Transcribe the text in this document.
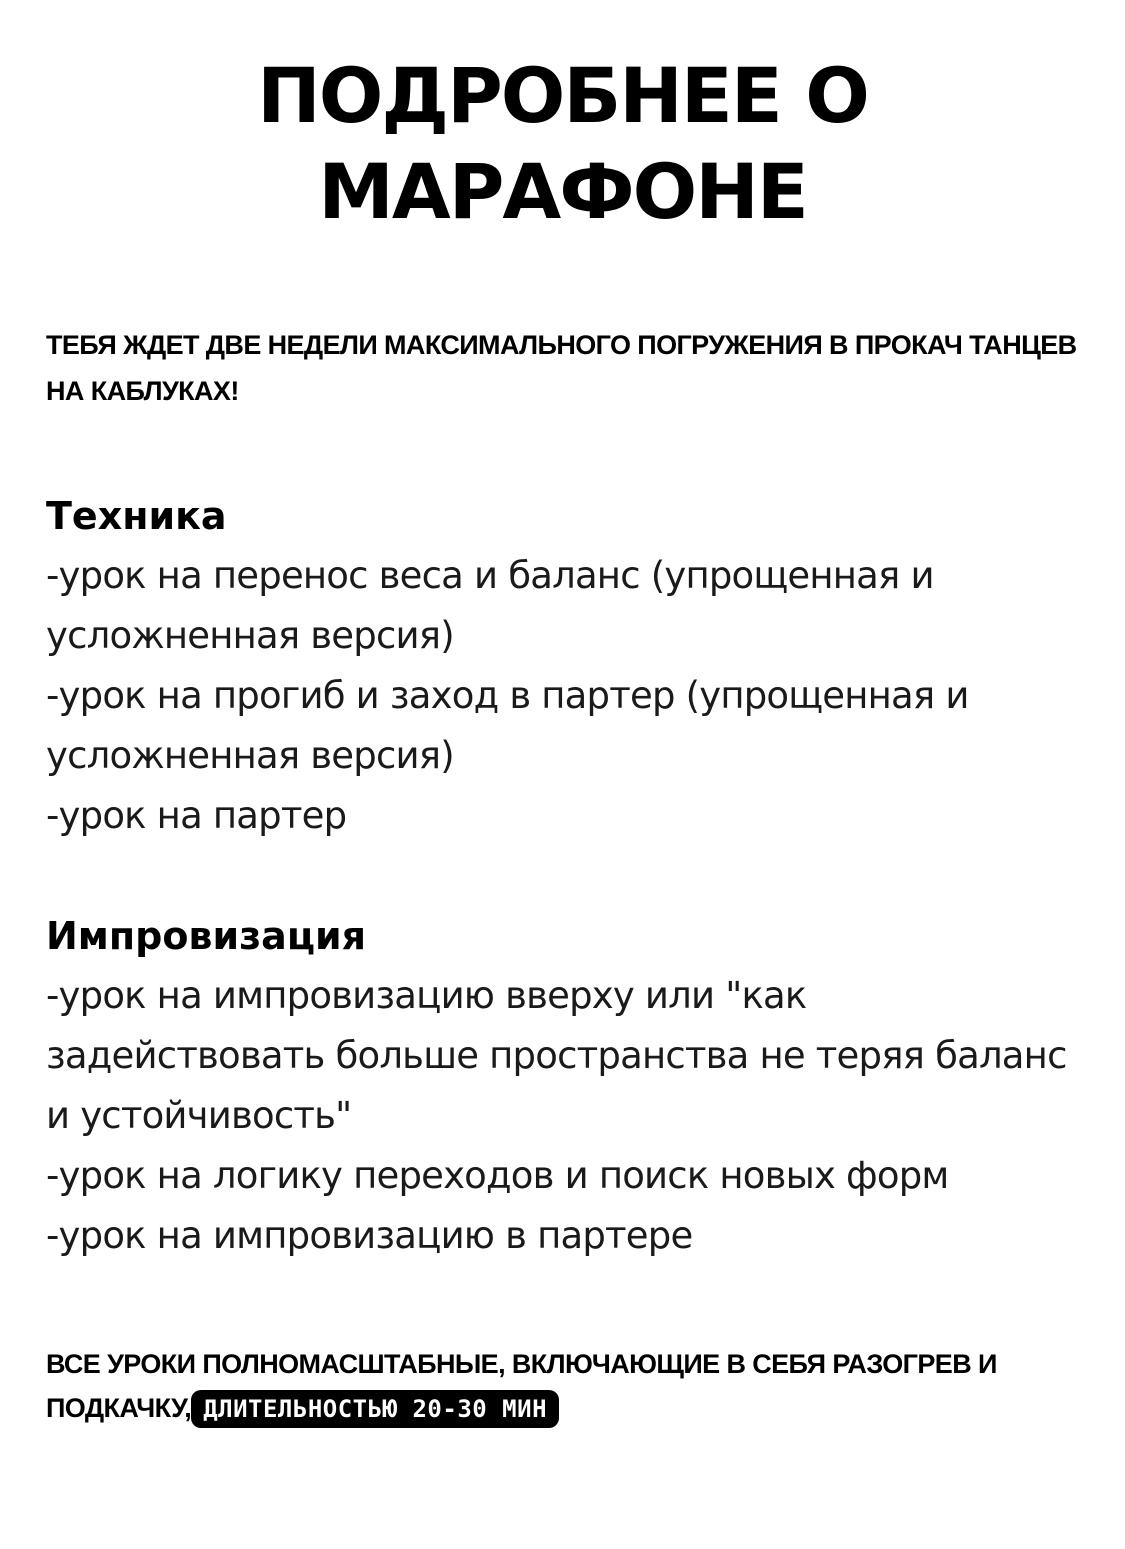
ПОДРОБНЕЕ О
МАРАФОНЕ

ТЕБЯ ЖДЕТ ДВЕ НЕДЕЛИ МАКСИМАЛЬНОГО ПОГРУЖЕНИЯ В ПРОКАЧ ТАНЦЕВ НА КАБЛУКАХ!

Техника
-урок на перенос веса и баланс (упрощенная и усложненная версия)
-урок на прогиб и заход в партер (упрощенная и усложненная версия)
-урок на партер
Импровизация
-урок на импровизацию вверху или "как задействовать больше пространства не теряя баланс и устойчивость"
-урок на логику переходов и поиск новых форм
-урок на импровизацию в партере

ВСЕ УРОКИ ПОЛНОМАСШТАБНЫЕ, ВКЛЮЧАЮЩИЕ В СЕБЯ РАЗОГРЕВ И ПОДКАЧКУ, ДЛИТЕЛЬНОСТЬЮ 20-30 МИН
